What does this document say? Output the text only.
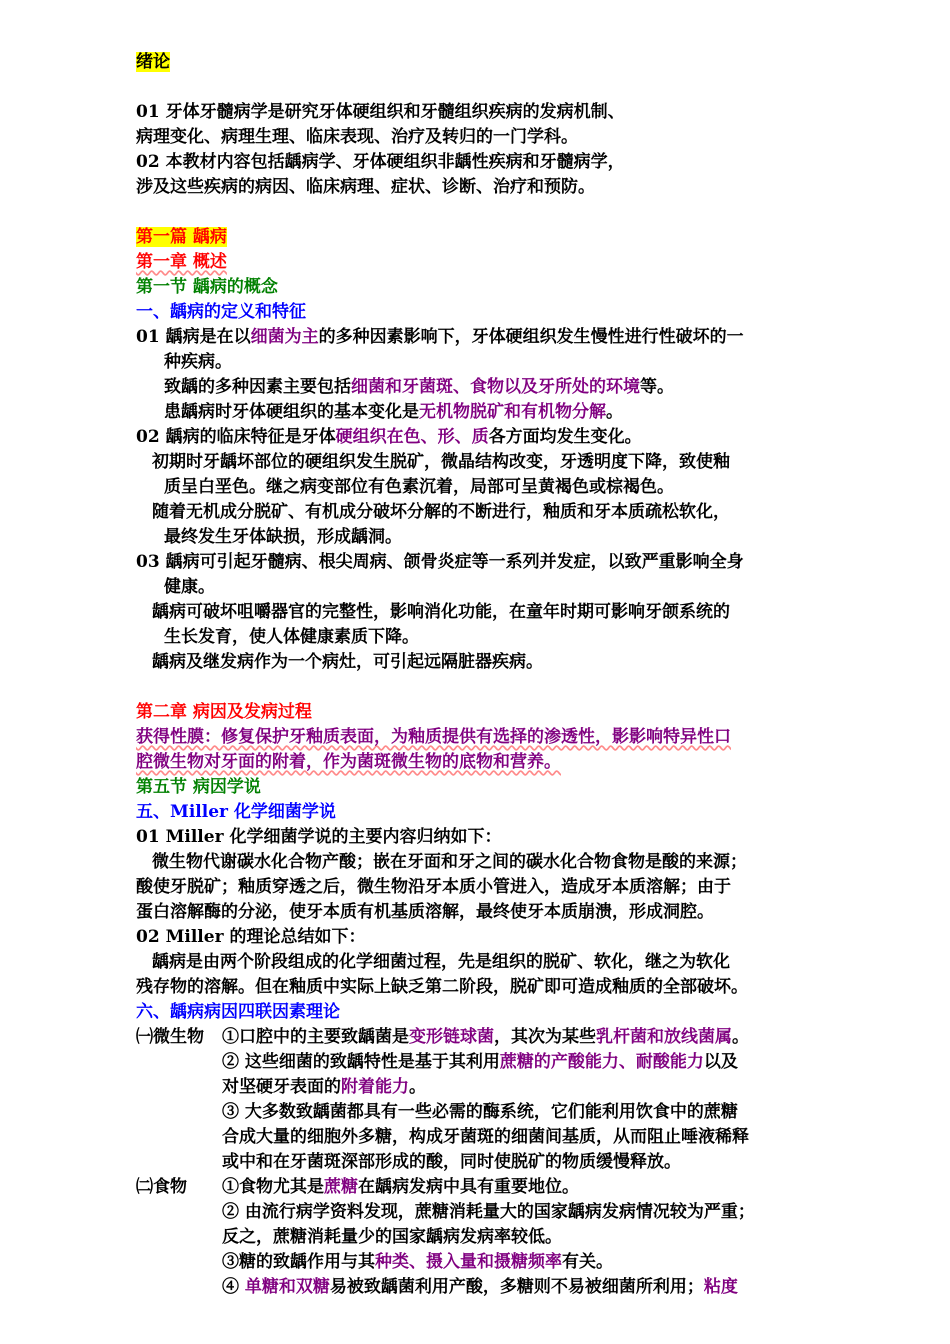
绪论
01 牙体牙髓病学是研究牙体硬组织和牙髓组织疾病的发病机制、
病理变化、病理生理、临床表现、治疗及转归的一门学科。
02 本教材内容包括龋病学、牙体硬组织非龋性疾病和牙髓病学，
涉及这些疾病的病因、临床病理、症状、诊断、治疗和预防。
第一篇 龋病
第一章 概述
第一节 龋病的概念
一、龋病的定义和特征
01 龋病是在以细菌为主的多种因素影响下，牙体硬组织发生慢性进行性破坏的一
种疾病。
致龋的多种因素主要包括细菌和牙菌斑、食物以及牙所处的环境等。
患龋病时牙体硬组织的基本变化是无机物脱矿和有机物分解。
02 龋病的临床特征是牙体硬组织在色、形、质各方面均发生变化。
初期时牙龋坏部位的硬组织发生脱矿，微晶结构改变，牙透明度下降，致使釉
质呈白垩色。继之病变部位有色素沉着，局部可呈黄褐色或棕褐色。
随着无机成分脱矿、有机成分破坏分解的不断进行，釉质和牙本质疏松软化，
最终发生牙体缺损，形成龋洞。
03 龋病可引起牙髓病、根尖周病、颌骨炎症等一系列并发症，以致严重影响全身
健康。
龋病可破坏咀嚼器官的完整性，影响消化功能，在童年时期可影响牙颌系统的
生长发育，使人体健康素质下降。
龋病及继发病作为一个病灶，可引起远隔脏器疾病。
第二章 病因及发病过程
获得性膜：修复保护牙釉质表面，为釉质提供有选择的渗透性，影影响特异性口
腔微生物对牙面的附着，作为菌斑微生物的底物和营养。
第五节 病因学说
五、Miller 化学细菌学说
01 Miller 化学细菌学说的主要内容归纳如下：
微生物代谢碳水化合物产酸；嵌在牙面和牙之间的碳水化合物食物是酸的来源；
酸使牙脱矿；釉质穿透之后，微生物沿牙本质小管进入，造成牙本质溶解；由于
蛋白溶解酶的分泌，使牙本质有机基质溶解，最终使牙本质崩溃，形成洞腔。
02 Miller 的理论总结如下：
龋病是由两个阶段组成的化学细菌过程，先是组织的脱矿、软化，继之为软化
残存物的溶解。但在釉质中实际上缺乏第二阶段，脱矿即可造成釉质的全部破坏。
六、龋病病因四联因素理论
㈠微生物 ①口腔中的主要致龋菌是变形链球菌，其次为某些乳杆菌和放线菌属。
② 这些细菌的致龋特性是基于其利用蔗糖的产酸能力、耐酸能力以及
对坚硬牙表面的附着能力。
③ 大多数致龋菌都具有一些必需的酶系统，它们能利用饮食中的蔗糖
合成大量的细胞外多糖，构成牙菌斑的细菌间基质，从而阻止唾液稀释
或中和在牙菌斑深部形成的酸，同时使脱矿的物质缓慢释放。
㈡食物 ①食物尤其是蔗糖在龋病发病中具有重要地位。
② 由流行病学资料发现，蔗糖消耗量大的国家龋病发病情况较为严重；
反之，蔗糖消耗量少的国家龋病发病率较低。
③糖的致龋作用与其种类、摄入量和摄糖频率有关。
④ 单糖和双糖易被致龋菌利用产酸，多糖则不易被细菌所利用；粘度
